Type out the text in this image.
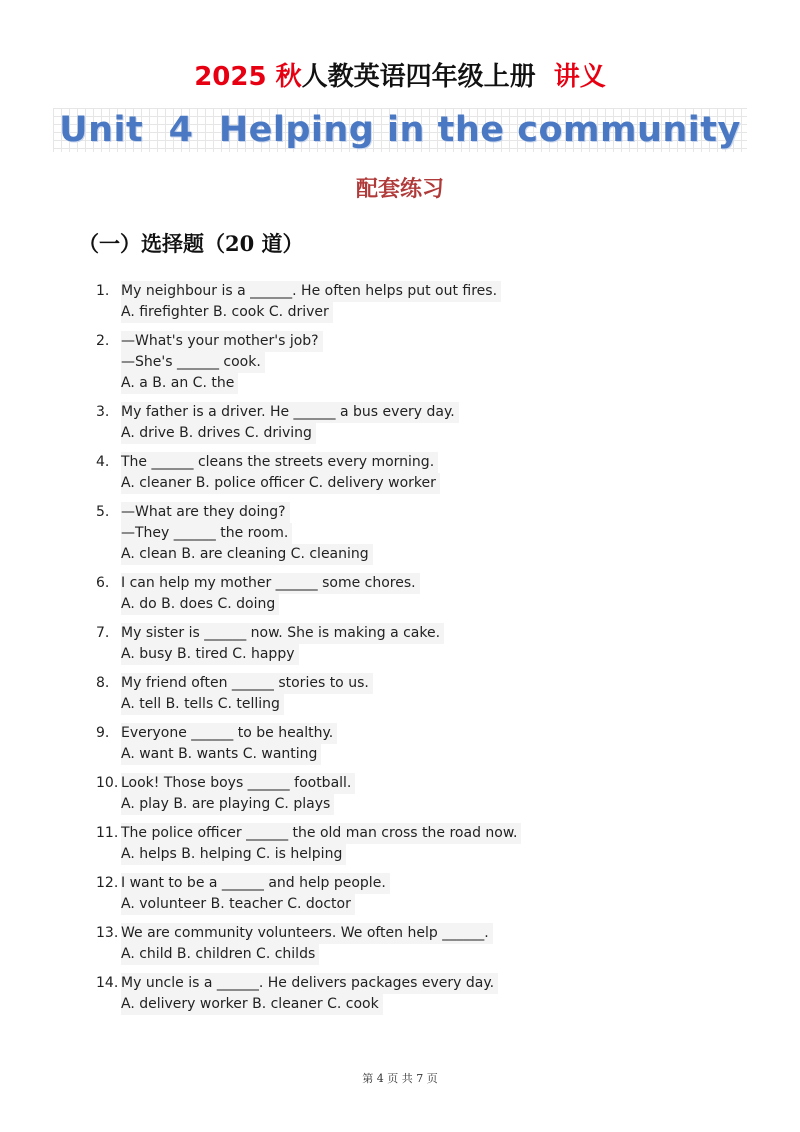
2025 秋人教英语四年级上册 讲义
Unit  4  Helping in the community
配套练习
（一）选择题（20 道）
1. My neighbour is a ______. He often helps put out fires.
A. firefighter B. cook C. driver
2. —What's your mother's job?
—She's ______ cook.
A. a B. an C. the
3. My father is a driver. He ______ a bus every day.
A. drive B. drives C. driving
4. The ______ cleans the streets every morning.
A. cleaner B. police officer C. delivery worker
5. —What are they doing?
—They ______ the room.
A. clean B. are cleaning C. cleaning
6. I can help my mother ______ some chores.
A. do B. does C. doing
7. My sister is ______ now. She is making a cake.
A. busy B. tired C. happy
8. My friend often ______ stories to us.
A. tell B. tells C. telling
9. Everyone ______ to be healthy.
A. want B. wants C. wanting
10. Look! Those boys ______ football.
A. play B. are playing C. plays
11. The police officer ______ the old man cross the road now.
A. helps B. helping C. is helping
12. I want to be a ______ and help people.
A. volunteer B. teacher C. doctor
13. We are community volunteers. We often help ______.
A. child B. children C. childs
14. My uncle is a ______. He delivers packages every day.
A. delivery worker B. cleaner C. cook
第 4 页 共 7 页
